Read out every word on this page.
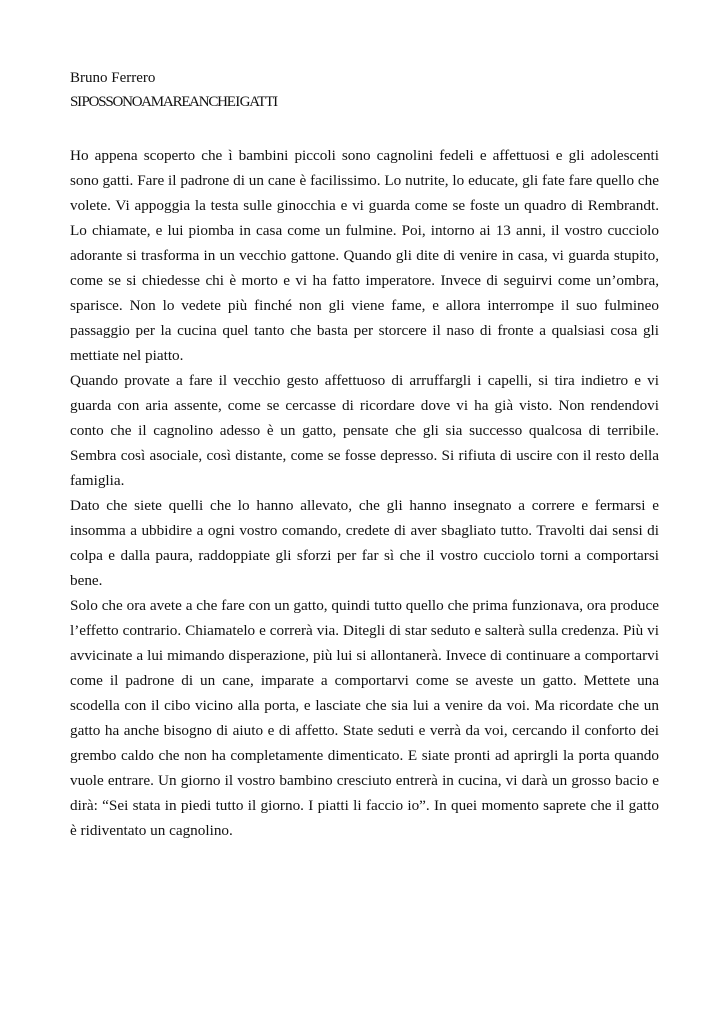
Bruno Ferrero

SI POSSONO AMARE ANCHE I GATTI

Ho appena scoperto che ì bambini piccoli sono cagnolini fedeli e affettuosi e gli adolescenti sono gatti. Fare il padrone di un cane è facilissimo. Lo nutrite, lo educate, gli fate fare quello che volete. Vi appoggia la testa sulle ginocchia e vi guarda come se foste un quadro di Rembrandt. Lo chiamate, e lui piomba in casa come un fulmine. Poi, intorno ai 13 anni, il vostro cucciolo adorante si trasforma in un vecchio gattone. Quando gli dite di venire in casa, vi guarda stupito, come se si chiedesse chi è morto e vi ha fatto imperatore. Invece di seguirvi come un’ombra, sparisce. Non lo vedete più finché non gli viene fame, e allora interrompe il suo fulmineo passaggio per la cucina quel tanto che basta per storcere il naso di fronte a qualsiasi cosa gli mettiate nel piatto.

Quando provate a fare il vecchio gesto affettuoso di arruffargli i capelli, si tira indietro e vi guarda con aria assente, come se cercasse di ricordare dove vi ha già visto. Non rendendovi conto che il cagnolino adesso è un gatto, pensate che gli sia successo qualcosa di terribile. Sembra così asociale, così distante, come se fosse depresso. Si rifiuta di uscire con il resto della famiglia.

Dato che siete quelli che lo hanno allevato, che gli hanno insegnato a correre e fermarsi e insomma a ubbidire a ogni vostro comando, credete di aver sbagliato tutto. Travolti dai sensi di colpa e dalla paura, raddoppiate gli sforzi per far sì che il vostro cucciolo torni a comportarsi bene.

Solo che ora avete a che fare con un gatto, quindi tutto quello che prima funzionava, ora produce l’effetto contrario. Chiamatelo e correrà via. Ditegli di star seduto e salterà sulla credenza. Più vi avvicinate a lui mimando disperazione, più lui si allontanerà. Invece di continuare a comportarvi come il padrone di un cane, imparate a comportarvi come se aveste un gatto. Mettete una scodella con il cibo vicino alla porta, e lasciate che sia lui a venire da voi. Ma ricordate che un gatto ha anche bisogno di aiuto e di affetto. State seduti e verrà da voi, cercando il conforto dei grembo caldo che non ha completamente dimenticato. E siate pronti ad aprirgli la porta quando vuole entrare. Un giorno il vostro bambino cresciuto entrerà in cucina, vi darà un grosso bacio e dirà: “Sei stata in piedi tutto il giorno. I piatti li faccio io”. In quei momento saprete che il gatto è ridiventato un cagnolino.
